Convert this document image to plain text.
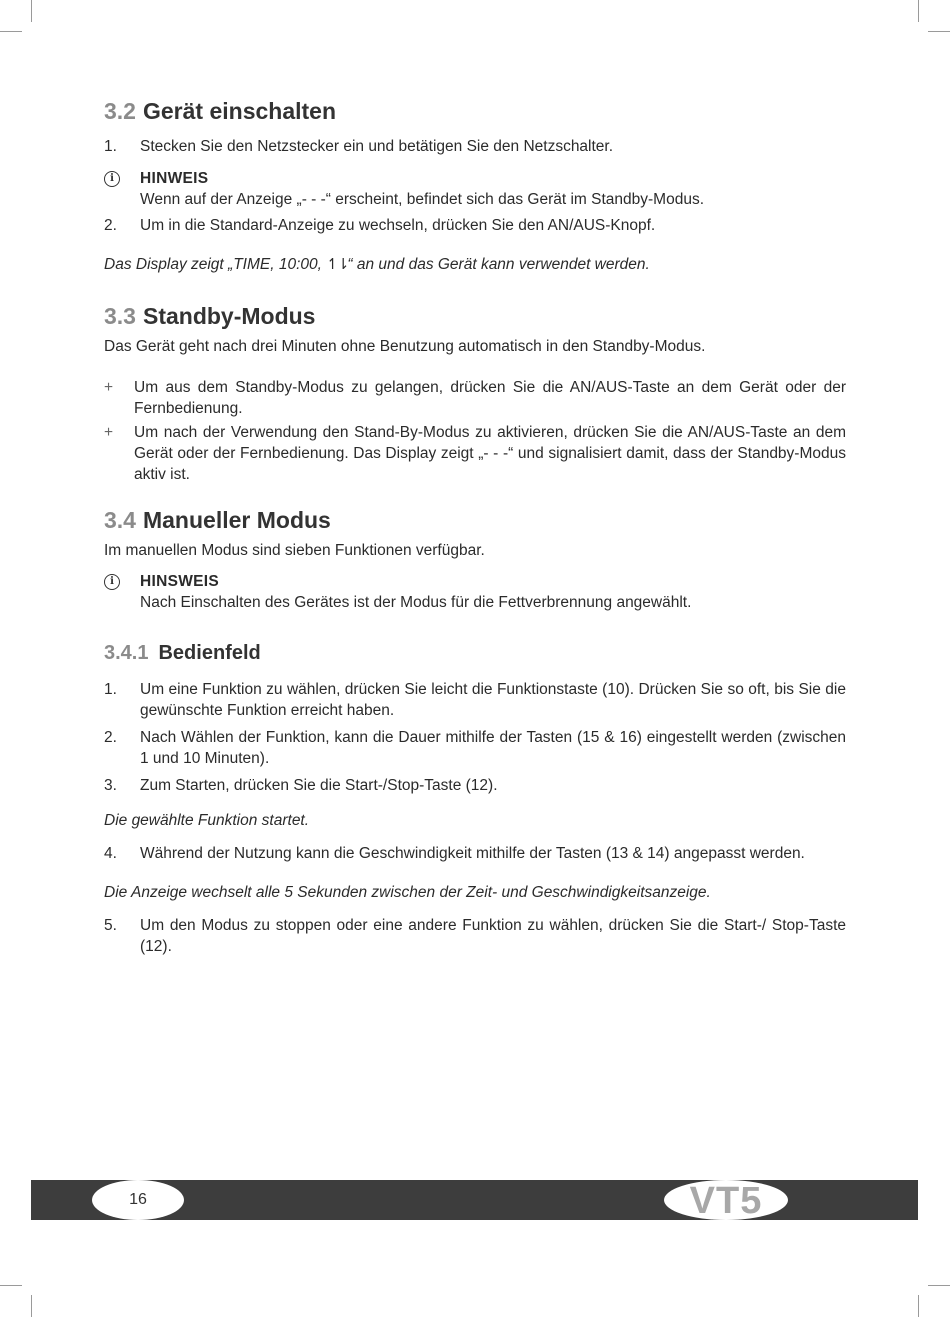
3.2 Gerät einschalten
1. Stecken Sie den Netzstecker ein und betätigen Sie den Netzschalter.
i	HINWEIS
Wenn auf der Anzeige „- - -“ erscheint, befindet sich das Gerät im Standby-Modus.
2. Um in die Standard-Anzeige zu wechseln, drücken Sie den AN/AUS-Knopf.

Das Display zeigt „TIME, 10:00, ↿⇂“ an und das Gerät kann verwendet werden.

3.3 Standby-Modus

Das Gerät geht nach drei Minuten ohne Benutzung automatisch in den Standby-Modus.

+ Um aus dem Standby-Modus zu gelangen, drücken Sie die AN/AUS-Taste an dem Gerät oder der Fernbedienung.
+ Um nach der Verwendung den Stand-By-Modus zu aktivieren, drücken Sie die AN/AUS-Taste an dem Gerät oder der Fernbedienung. Das Display zeigt „- - -“ und signalisiert damit, dass der Standby-Modus aktiv ist.
3.4 Manueller Modus

Im manuellen Modus sind sieben Funktionen verfügbar.

i	HINSWEIS
Nach Einschalten des Gerätes ist der Modus für die Fettverbrennung angewählt.
3.4.1 Bedienfeld
1. Um eine Funktion zu wählen, drücken Sie leicht die Funktionstaste (10). Drücken Sie so oft, bis Sie die gewünschte Funktion erreicht haben.
2. Nach Wählen der Funktion, kann die Dauer mithilfe der Tasten (15 & 16) eingestellt werden (zwischen 1 und 10 Minuten).
3. Zum Starten, drücken Sie die Start-/Stop-Taste (12).

Die gewählte Funktion startet.

4. Während der Nutzung kann die Geschwindigkeit mithilfe der Tasten (13 & 14) angepasst werden.

Die Anzeige wechselt alle 5 Sekunden zwischen der Zeit- und Geschwindigkeitsanzeige.

5. Um den Modus zu stoppen oder eine andere Funktion zu wählen, drücken Sie die Start-/ Stop-Taste (12).
16	VT5
